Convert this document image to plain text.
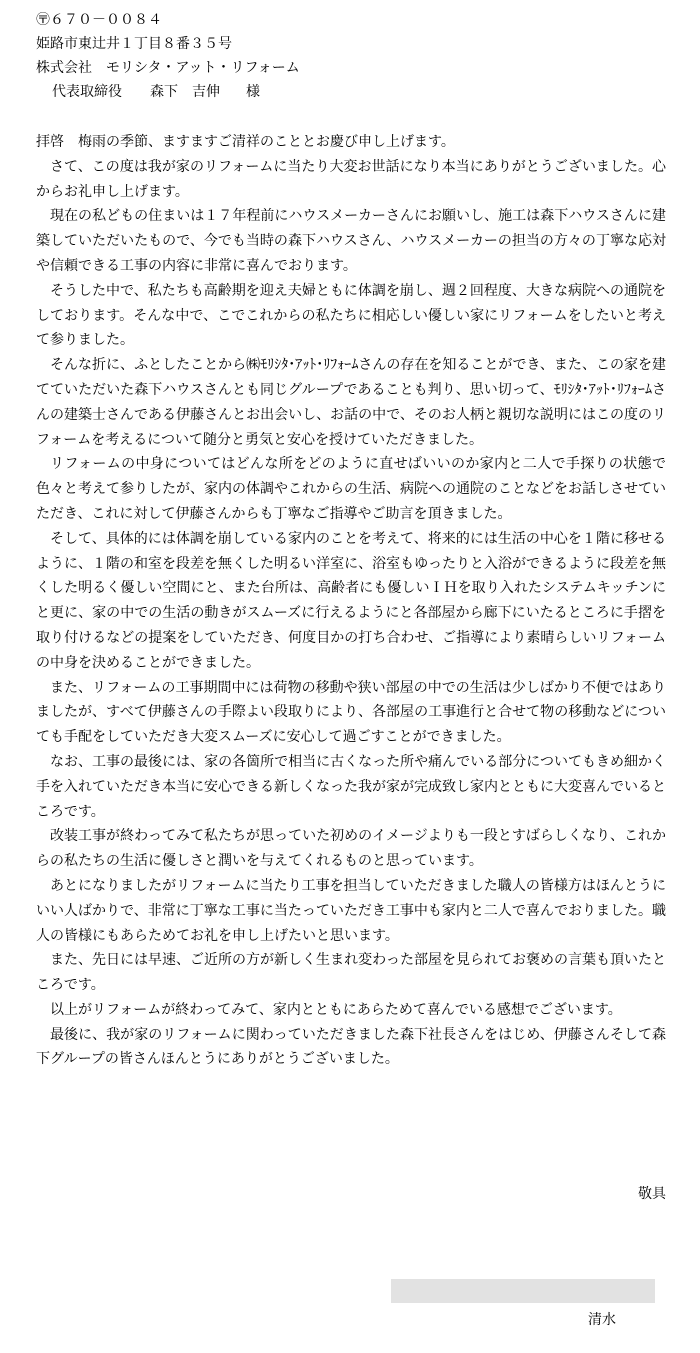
〶６７０－００８４
姫路市東辻井１丁目８番３５号
株式会社　 モリシタ・アット・リフォーム
代表取締役 森下　吉伸 様

拝啓　梅雨の季節、ますますご清祥のこととお慶び申し上げます。

さて、この度は我が家のリフォームに当たり大変お世話になり本当にありがとうございました。心からお礼申し上げます。

現在の私どもの住まいは１７年程前にハウスメーカーさんにお願いし、施工は森下ハウスさんに建築していただいたもので、今でも当時の森下ハウスさん、ハウスメーカーの担当の方々の丁寧な応対や信頼できる工事の内容に非常に喜んでおります。

そうした中で、私たちも高齢期を迎え夫婦ともに体調を崩し、週２回程度、大きな病院への通院をしております。そんな中で、こでこれからの私たちに相応しい優しい家にリフォームをしたいと考えて参りました。

そんな折に、ふとしたことから㈱ﾓﾘｼﾀ･ｱｯﾄ･ﾘﾌｫｰﾑさんの存在を知ることができ、また、この家を建てていただいた森下ハウスさんとも同じグループであることも判り、思い切って、ﾓﾘｼﾀ･ｱｯﾄ･ﾘﾌｫｰﾑさんの建築士さんである伊藤さんとお出会いし、お話の中で、そのお人柄と親切な説明にはこの度のリフォームを考えるについて随分と勇気と安心を授けていただきました。

リフォームの中身についてはどんな所をどのように直せばいいのか家内と二人で手探りの状態で色々と考えて参りしたが、家内の体調やこれからの生活、病院への通院のことなどをお話しさせていただき、これに対して伊藤さんからも丁寧なご指導やご助言を頂きました。

そして、具体的には体調を崩している家内のことを考えて、将来的には生活の中心を１階に移せるように、１階の和室を段差を無くした明るい洋室に、浴室もゆったりと入浴ができるように段差を無くした明るく優しい空間にと、また台所は、高齢者にも優しいＩＨを取り入れたシステムキッチンにと更に、家の中での生活の動きがスムーズに行えるようにと各部屋から廊下にいたるところに手摺を取り付けるなどの提案をしていただき、何度目かの打ち合わせ、ご指導により素晴らしいリフォームの中身を決めることができました。

また、リフォームの工事期間中には荷物の移動や狭い部屋の中での生活は少しばかり不便ではありましたが、すべて伊藤さんの手際よい段取りにより、各部屋の工事進行と合せて物の移動などについても手配をしていただき大変スムーズに安心して過ごすことができました。

なお、工事の最後には、家の各箇所で相当に古くなった所や痛んでいる部分についてもきめ細かく手を入れていただき本当に安心できる新しくなった我が家が完成致し家内とともに大変喜んでいるところです。

改装工事が終わってみて私たちが思っていた初めのイメージよりも一段とすばらしくなり、これからの私たちの生活に優しさと潤いを与えてくれるものと思っています。

あとになりましたがリフォームに当たり工事を担当していただきました職人の皆様方はほんとうにいい人ばかりで、非常に丁寧な工事に当たっていただき工事中も家内と二人で喜んでおりました。職人の皆様にもあらためてお礼を申し上げたいと思います。

また、先日には早速、ご近所の方が新しく生まれ変わった部屋を見られてお褒めの言葉も頂いたところです。

以上がリフォームが終わってみて、家内とともにあらためて喜んでいる感想でございます。

最後に、我が家のリフォームに関わっていただきました森下社長さんをはじめ、伊藤さんそして森下グループの皆さんほんとうにありがとうございました。

敬具
清水
